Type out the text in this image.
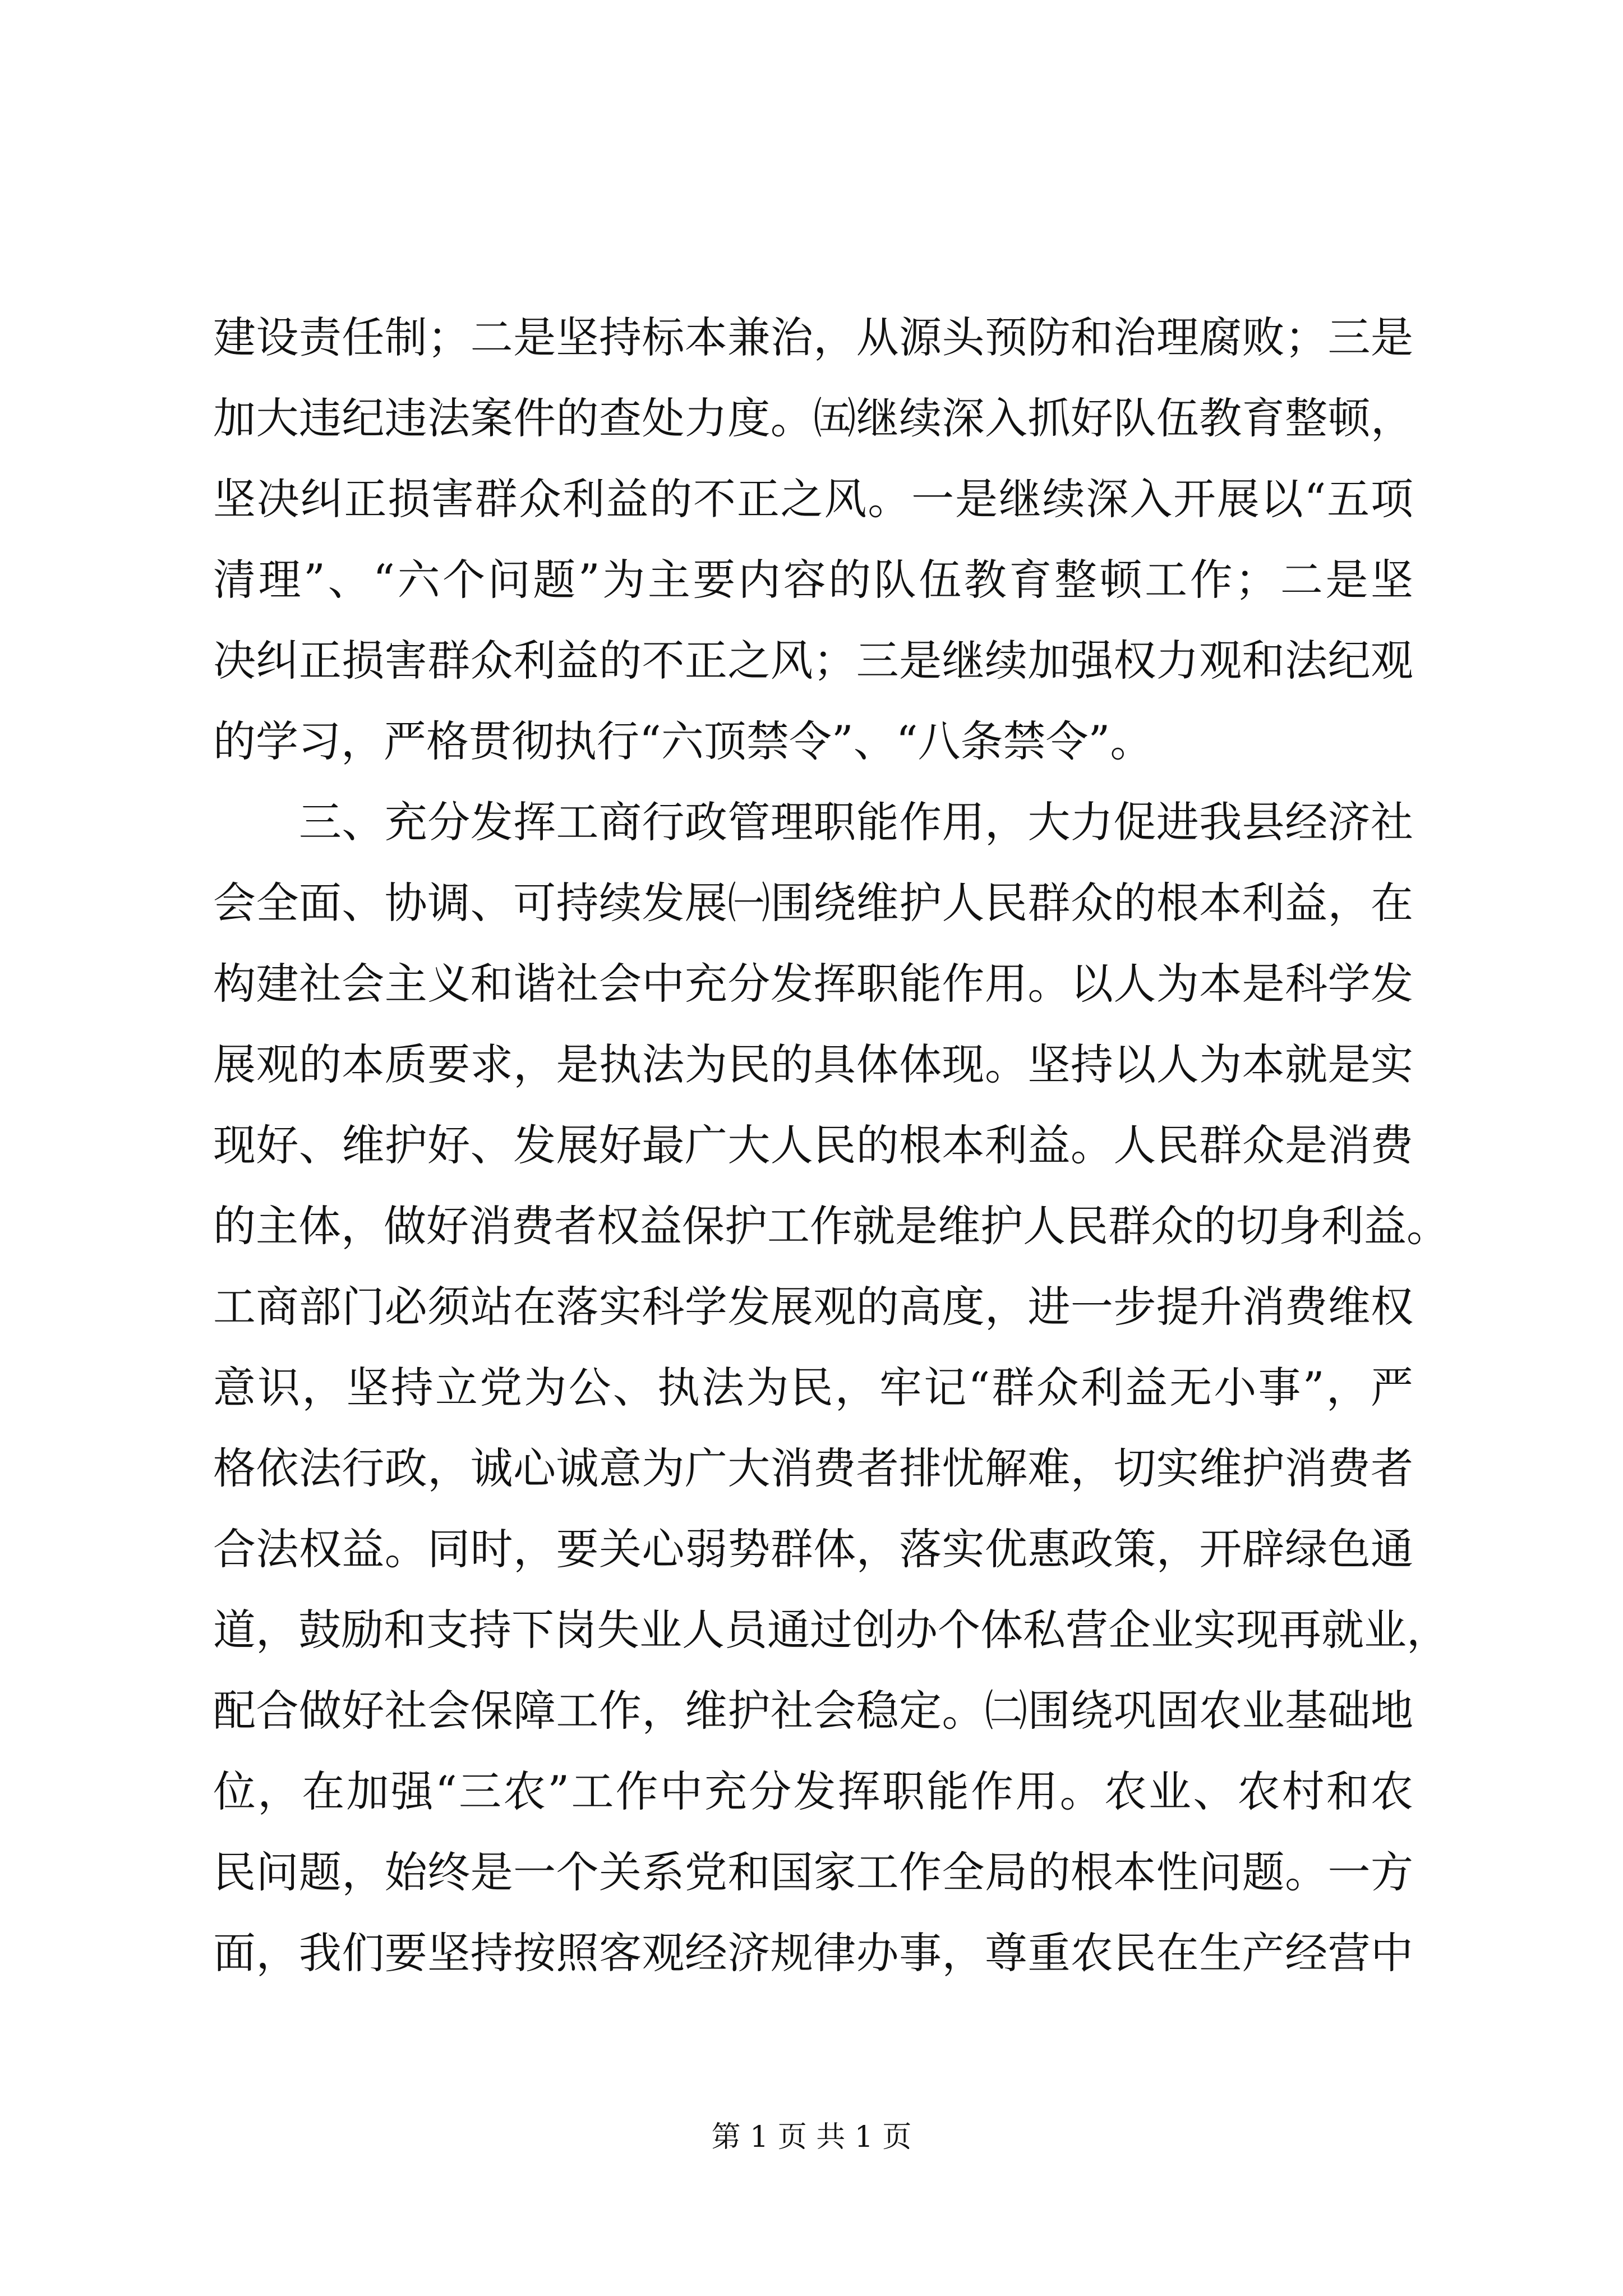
建设责任制；二是坚持标本兼治，从源头预防和治理腐败；三是
加大违纪违法案件的查处力度。㈤继续深入抓好队伍教育整顿，
坚决纠正损害群众利益的不正之风。一是继续深入开展以“五项
清理”、“六个问题”为主要内容的队伍教育整顿工作；二是坚
决纠正损害群众利益的不正之风；三是继续加强权力观和法纪观
的学习，严格贯彻执行“六顶禁令”、“八条禁令”。
　　三、充分发挥工商行政管理职能作用，大力促进我县经济社
会全面、协调、可持续发展㈠围绕维护人民群众的根本利益，在
构建社会主义和谐社会中充分发挥职能作用。以人为本是科学发
展观的本质要求，是执法为民的具体体现。坚持以人为本就是实
现好、维护好、发展好最广大人民的根本利益。人民群众是消费
的主体，做好消费者权益保护工作就是维护人民群众的切身利益。
工商部门必须站在落实科学发展观的高度，进一步提升消费维权
意识，坚持立党为公、执法为民，牢记“群众利益无小事”，严
格依法行政，诚心诚意为广大消费者排忧解难，切实维护消费者
合法权益。同时，要关心弱势群体，落实优惠政策，开辟绿色通
道，鼓励和支持下岗失业人员通过创办个体私营企业实现再就业，
配合做好社会保障工作，维护社会稳定。㈡围绕巩固农业基础地
位，在加强“三农”工作中充分发挥职能作用。农业、农村和农
民问题，始终是一个关系党和国家工作全局的根本性问题。一方
面，我们要坚持按照客观经济规律办事，尊重农民在生产经营中
第 1 页 共 1 页
